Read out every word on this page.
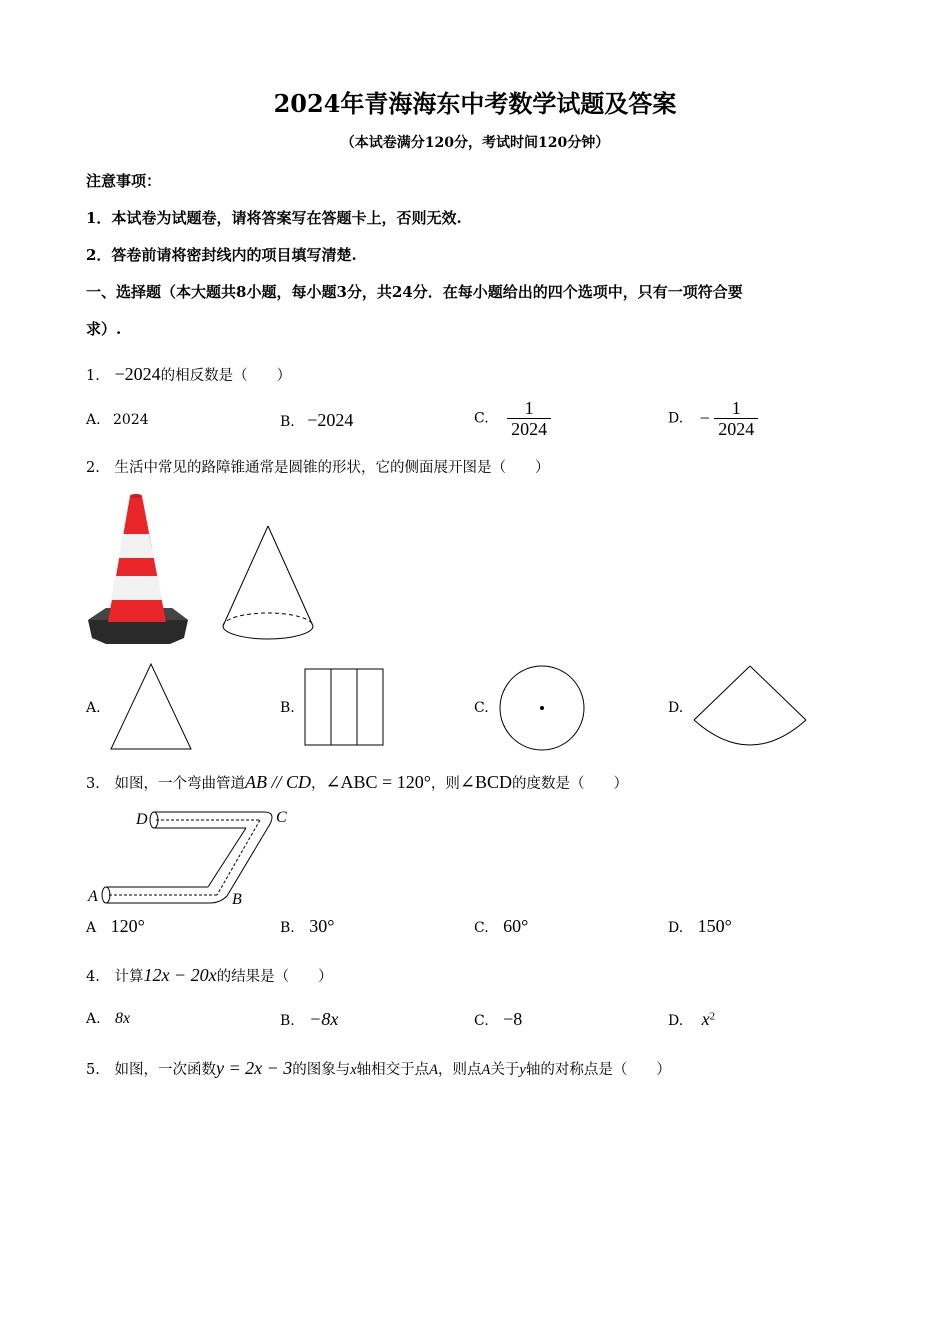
2024年青海海东中考数学试题及答案
（本试卷满分120分，考试时间120分钟）
注意事项：
1．本试卷为试题卷，请将答案写在答题卡上，否则无效.
2．答卷前请将密封线内的项目填写清楚.
一、选择题（本大题共8小题，每小题3分，共24分．在每小题给出的四个选项中，只有一项符合要
求）.
1. −2024的相反数是（　　）
A. 2024	B. −2024	C. $\frac{1}{2024}$	D. − $\frac{1}{2024}$
2. 生活中常见的路障锥通常是圆锥的形状，它的侧面展开图是（　　）
A.	B.	C.	D.
3. 如图，一个弯曲管道AB // CD，∠ABC = 120°，则∠BCD的度数是（　　）
D	C
A	B
A 120°	B. 30°	C. 60°	D. 150°
4. 计算12x − 20x的结果是（　　）
A. 8x	B. −8x	C. −8	D. $x^2$
5. 如图，一次函数y = 2x − 3的图象与x轴相交于点A，则点A关于y轴的对称点是（　　）
